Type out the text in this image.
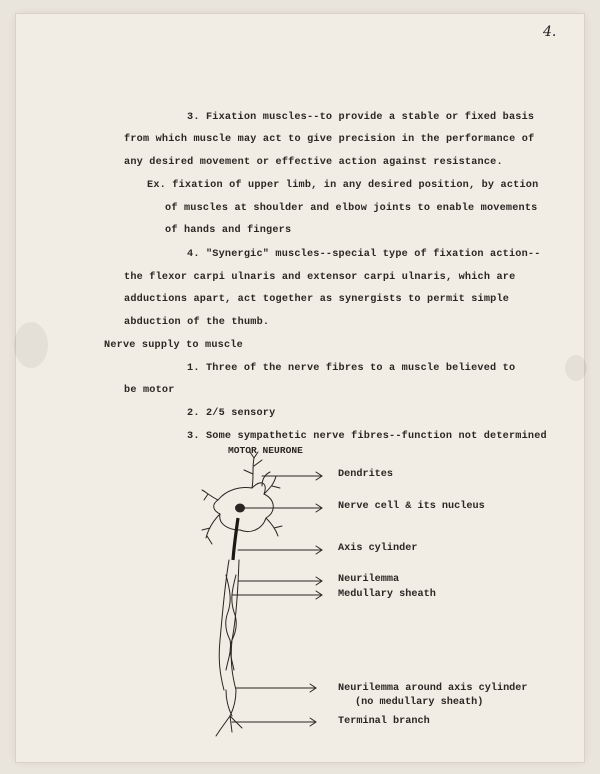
4.
3. Fixation muscles--to provide a stable or fixed basis
from which muscle may act to give precision in the performance of
any desired movement or effective action against resistance.
Ex. fixation of upper limb, in any desired position, by action
of muscles at shoulder and elbow joints to enable movements
of hands and fingers
4. "Synergic" muscles--special type of fixation action--
the flexor carpi ulnaris and extensor carpi ulnaris, which are
adductions apart, act together as synergists to permit simple
abduction of the thumb.
Nerve supply to muscle
1. Three of the nerve fibres to a muscle believed to
be motor
2. 2/5 sensory
3. Some sympathetic nerve fibres--function not determined
MOTOR NEURONE
Dendrites
Nerve cell & its nucleus
Axis cylinder
Neurilemma
Medullary sheath
Neurilemma around axis cylinder
(no medullary sheath)
Terminal branch
